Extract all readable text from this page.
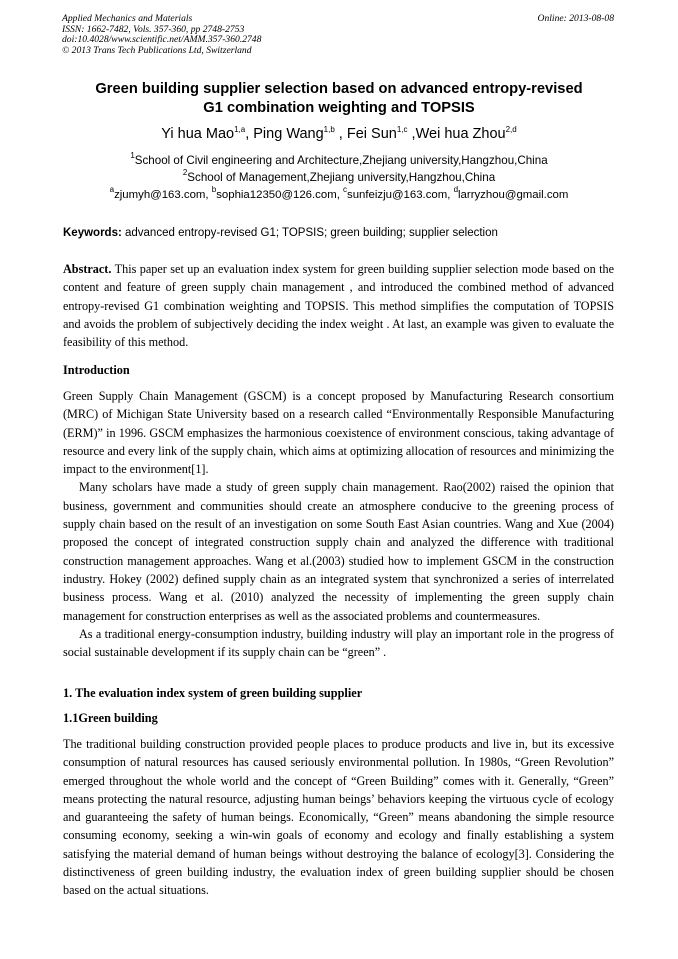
Applied Mechanics and Materials
ISSN: 1662-7482, Vols. 357-360, pp 2748-2753
doi:10.4028/www.scientific.net/AMM.357-360.2748
© 2013 Trans Tech Publications Ltd, Switzerland
Online: 2013-08-08
Green building supplier selection based on advanced entropy-revised
G1 combination weighting and TOPSIS
Yi hua Mao$^{1,a}$, Ping Wang$^{1,b}$ , Fei Sun$^{1,c}$ ,Wei hua Zhou$^{2,d}$
$^1$School of Civil engineering and Architecture,Zhejiang university,Hangzhou,China
$^2$School of Management,Zhejiang university,Hangzhou,China
$^a$zjumyh@163.com, $^b$sophia12350@126.com, $^c$sunfeizju@163.com, $^d$larryzhou@gmail.com
Keywords: advanced entropy-revised G1; TOPSIS; green building; supplier selection

Abstract. This paper set up an evaluation index system for green building supplier selection mode based on the content and feature of green supply chain management , and introduced the combined method of advanced entropy-revised G1 combination weighting and TOPSIS. This method simplifies the computation of TOPSIS and avoids the problem of subjectively deciding the index weight . At last, an example was given to evaluate the feasibility of this method.

Introduction

Green Supply Chain Management (GSCM) is a concept proposed by Manufacturing Research consortium (MRC) of Michigan State University based on a research called “Environmentally Responsible Manufacturing (ERM)” in 1996. GSCM emphasizes the harmonious coexistence of environment conscious, taking advantage of resource and every link of the supply chain, which aims at optimizing allocation of resources and minimizing the impact to the environment[1].

Many scholars have made a study of green supply chain management. Rao(2002) raised the opinion that business, government and communities should create an atmosphere conducive to the greening process of supply chain based on the result of an investigation on some South East Asian countries. Wang and Xue (2004) proposed the concept of integrated construction supply chain and analyzed the difference with traditional construction management approaches. Wang et al.(2003) studied how to implement GSCM in the construction industry. Hokey (2002) defined supply chain as an integrated system that synchronized a series of interrelated business process. Wang et al. (2010) analyzed the necessity of implementing the green supply chain management for construction enterprises as well as the associated problems and countermeasures.

As a traditional energy-consumption industry, building industry will play an important role in the progress of social sustainable development if its supply chain can be “green” .

1. The evaluation index system of green building supplier
1.1Green building

The traditional building construction provided people places to produce products and live in, but its excessive consumption of natural resources has caused seriously environmental pollution. In 1980s, “Green Revolution” emerged throughout the whole world and the concept of “Green Building” comes with it. Generally, “Green” means protecting the natural resource, adjusting human beings’ behaviors keeping the virtuous cycle of ecology and guaranteeing the safety of human beings. Economically, “Green” means abandoning the simple resource consuming economy, seeking a win-win goals of economy and ecology and finally establishing a system satisfying the material demand of human beings without destroying the balance of ecology[3]. Considering the distinctiveness of green building industry, the evaluation index of green building supplier should be chosen based on the actual situations.
